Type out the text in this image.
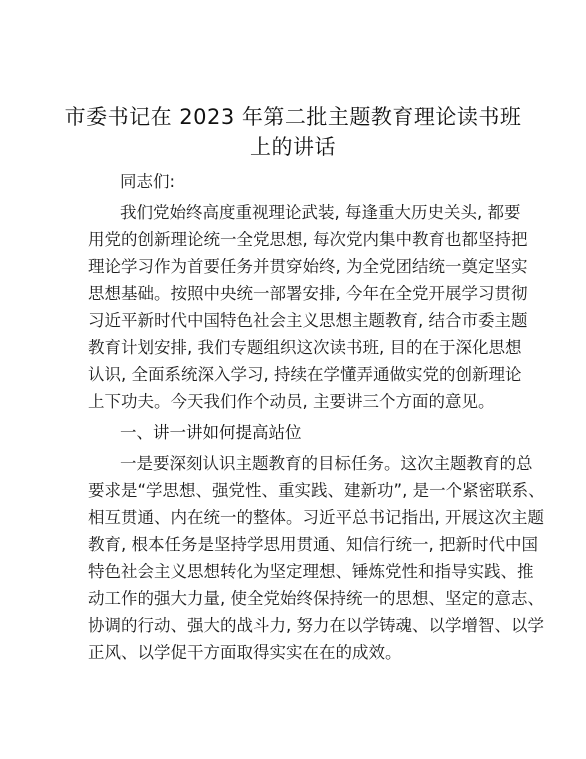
市委书记在 2023 年第二批主题教育理论读书班
上的讲话
同志们:
我们党始终高度重视理论武装, 每逢重大历史关头, 都要
用党的创新理论统一全党思想, 每次党内集中教育也都坚持把
理论学习作为首要任务并贯穿始终, 为全党团结统一奠定坚实
思想基础。按照中央统一部署安排, 今年在全党开展学习贯彻
习近平新时代中国特色社会主义思想主题教育, 结合市委主题
教育计划安排, 我们专题组织这次读书班, 目的在于深化思想
认识, 全面系统深入学习, 持续在学懂弄通做实党的创新理论
上下功夫。今天我们作个动员, 主要讲三个方面的意见。
一、讲一讲如何提高站位
一是要深刻认识主题教育的目标任务。这次主题教育的总
要求是“学思想、强党性、重实践、建新功”, 是一个紧密联系、
相互贯通、内在统一的整体。习近平总书记指出, 开展这次主题
教育, 根本任务是坚持学思用贯通、知信行统一, 把新时代中国
特色社会主义思想转化为坚定理想、锤炼党性和指导实践、推
动工作的强大力量, 使全党始终保持统一的思想、坚定的意志、
协调的行动、强大的战斗力, 努力在以学铸魂、以学增智、以学
正风、以学促干方面取得实实在在的成效。
